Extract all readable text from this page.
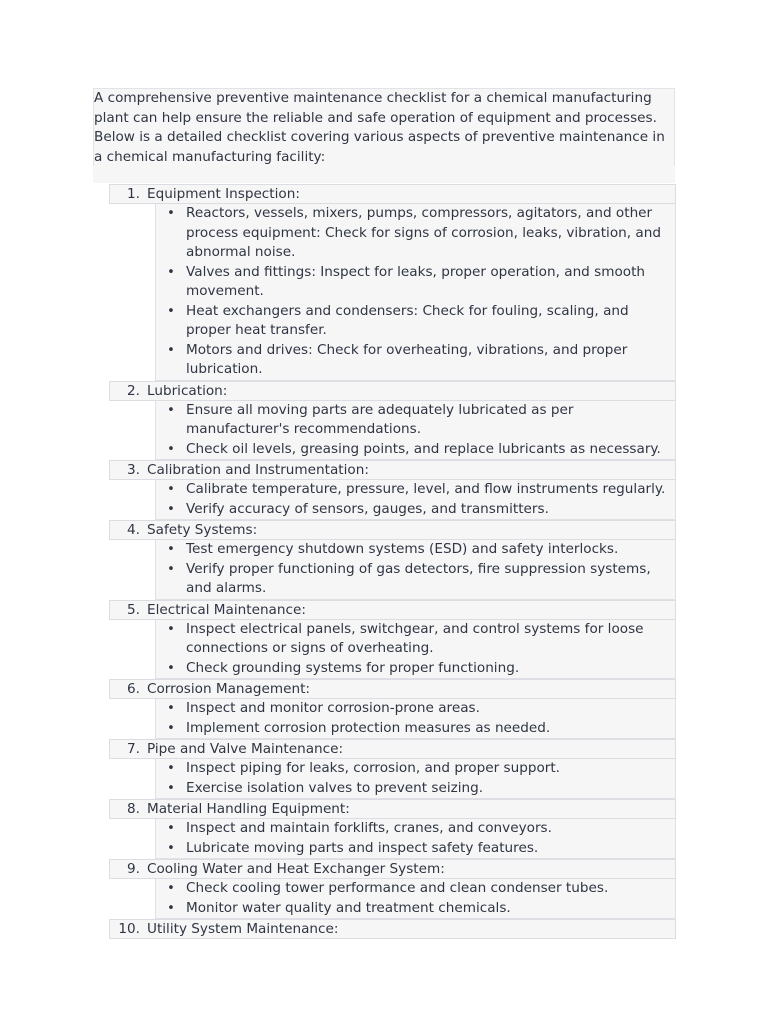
A comprehensive preventive maintenance checklist for a chemical manufacturing plant can help ensure the reliable and safe operation of equipment and processes. Below is a detailed checklist covering various aspects of preventive maintenance in a chemical manufacturing facility:

1. Equipment Inspection:
• Reactors, vessels, mixers, pumps, compressors, agitators, and other process equipment: Check for signs of corrosion, leaks, vibration, and abnormal noise.
• Valves and fittings: Inspect for leaks, proper operation, and smooth movement.
• Heat exchangers and condensers: Check for fouling, scaling, and proper heat transfer.
• Motors and drives: Check for overheating, vibrations, and proper lubrication.
2. Lubrication:
• Ensure all moving parts are adequately lubricated as per manufacturer's recommendations.
• Check oil levels, greasing points, and replace lubricants as necessary.
3. Calibration and Instrumentation:
• Calibrate temperature, pressure, level, and flow instruments regularly.
• Verify accuracy of sensors, gauges, and transmitters.
4. Safety Systems:
• Test emergency shutdown systems (ESD) and safety interlocks.
• Verify proper functioning of gas detectors, fire suppression systems, and alarms.
5. Electrical Maintenance:
• Inspect electrical panels, switchgear, and control systems for loose connections or signs of overheating.
• Check grounding systems for proper functioning.
6. Corrosion Management:
• Inspect and monitor corrosion-prone areas.
• Implement corrosion protection measures as needed.
7. Pipe and Valve Maintenance:
• Inspect piping for leaks, corrosion, and proper support.
• Exercise isolation valves to prevent seizing.
8. Material Handling Equipment:
• Inspect and maintain forklifts, cranes, and conveyors.
• Lubricate moving parts and inspect safety features.
9. Cooling Water and Heat Exchanger System:
• Check cooling tower performance and clean condenser tubes.
• Monitor water quality and treatment chemicals.
10. Utility System Maintenance:
